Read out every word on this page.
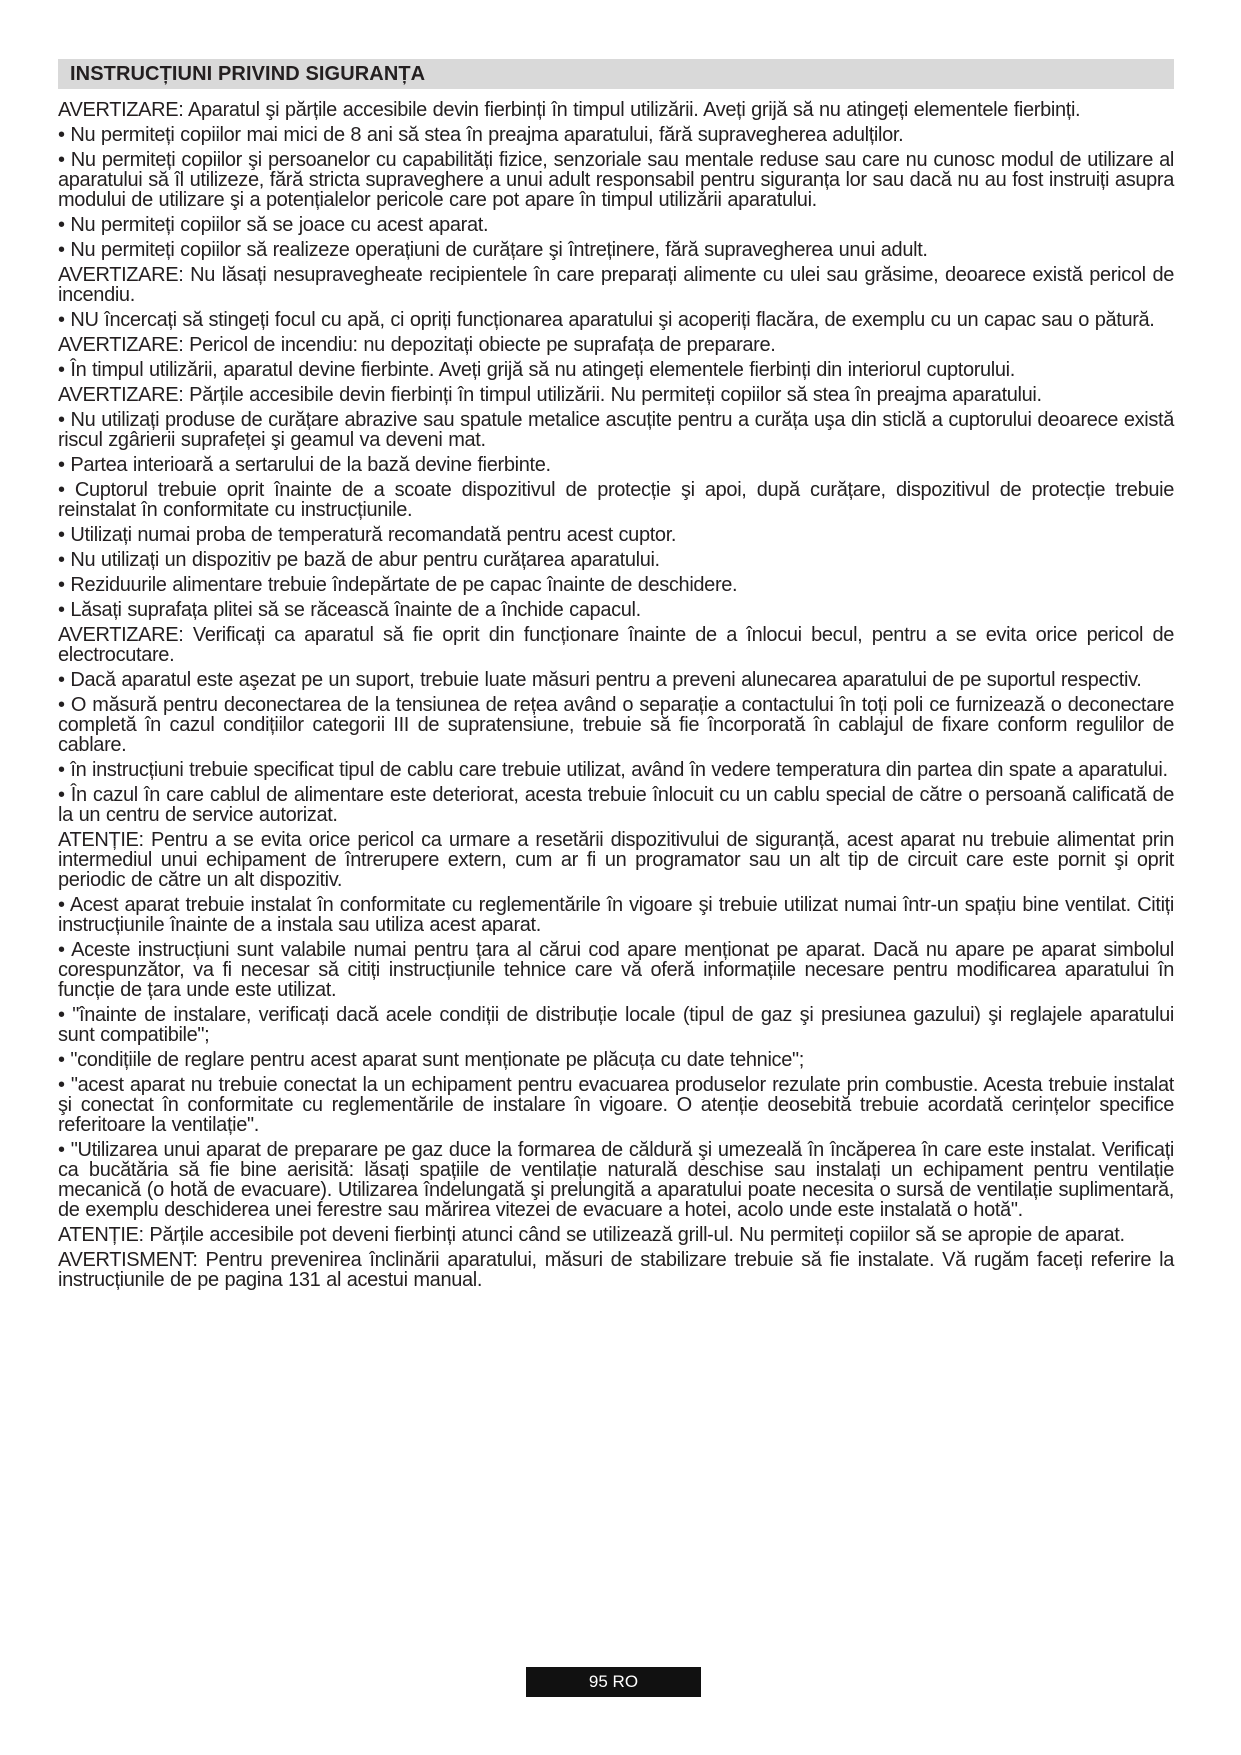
INSTRUCȚIUNI PRIVIND SIGURANȚA

AVERTIZARE: Aparatul şi părțile accesibile devin fierbinți în timpul utilizării. Aveți grijă să nu atingeți elementele fierbinți.

• Nu permiteți copiilor mai mici de 8 ani să stea în preajma aparatului, fără supravegherea adulților.

• Nu permiteți copiilor şi persoanelor cu capabilități fizice, senzoriale sau mentale reduse sau care nu cunosc modul de utilizare al aparatului să îl utilizeze, fără stricta supraveghere a unui adult responsabil pentru siguranța lor sau dacă nu au fost instruiți asupra modului de utilizare şi a potențialelor pericole care pot apare în timpul utilizării aparatului.

• Nu permiteți copiilor să se joace cu acest aparat.

• Nu permiteți copiilor să realizeze operațiuni de curățare şi întreținere, fără supravegherea unui adult.

AVERTIZARE: Nu lăsați nesupravegheate recipientele în care preparați alimente cu ulei sau grăsime, deoarece există pericol de incendiu.

• NU încercați să stingeți focul cu apă, ci opriți funcționarea aparatului şi acoperiți flacăra, de exemplu cu un capac sau o pătură.

AVERTIZARE: Pericol de incendiu: nu depozitați obiecte pe suprafața de preparare.

• În timpul utilizării, aparatul devine fierbinte. Aveți grijă să nu atingeți elementele fierbinți din interiorul cuptorului.

AVERTIZARE: Părțile accesibile devin fierbinți în timpul utilizării. Nu permiteți copiilor să stea în preajma aparatului.

• Nu utilizați produse de curățare abrazive sau spatule metalice ascuțite pentru a curăța uşa din sticlă a cuptorului deoarece există riscul zgârierii suprafeței şi geamul va deveni mat.

• Partea interioară a sertarului de la bază devine fierbinte.

• Cuptorul trebuie oprit înainte de a scoate dispozitivul de protecție şi apoi, după curățare, dispozitivul de protecție trebuie reinstalat în conformitate cu instrucțiunile.

• Utilizați numai proba de temperatură recomandată pentru acest cuptor.

• Nu utilizați un dispozitiv pe bază de abur pentru curățarea aparatului.

• Reziduurile alimentare trebuie îndepărtate de pe capac înainte de deschidere.

• Lăsați suprafața plitei să se răcească înainte de a închide capacul.

AVERTIZARE: Verificați ca aparatul să fie oprit din funcționare înainte de a înlocui becul, pentru a se evita orice pericol de electrocutare.

• Dacă aparatul este aşezat pe un suport, trebuie luate măsuri pentru a preveni alunecarea aparatului de pe suportul respectiv.

• O măsură pentru deconectarea de la tensiunea de rețea având o separație a contactului în toți poli ce furnizează o deconectare completă în cazul condițiilor categorii III de supratensiune, trebuie să fie încorporată în cablajul de fixare conform regulilor de cablare.

• în instrucțiuni trebuie specificat tipul de cablu care trebuie utilizat, având în vedere temperatura din partea din spate a aparatului.

• În cazul în care cablul de alimentare este deteriorat, acesta trebuie înlocuit cu un cablu special de către o persoană calificată de la un centru de service autorizat.

ATENȚIE: Pentru a se evita orice pericol ca urmare a resetării dispozitivului de siguranță, acest aparat nu trebuie alimentat prin intermediul unui echipament de întrerupere extern, cum ar fi un programator sau un alt tip de circuit care este pornit şi oprit periodic de către un alt dispozitiv.

• Acest aparat trebuie instalat în conformitate cu reglementările în vigoare şi trebuie utilizat numai într-un spațiu bine ventilat. Citiți instrucțiunile înainte de a instala sau utiliza acest aparat.

• Aceste instrucțiuni sunt valabile numai pentru țara al cărui cod apare menționat pe aparat. Dacă nu apare pe aparat simbolul corespunzător, va fi necesar să citiți instrucțiunile tehnice care vă oferă informațiile necesare pentru modificarea aparatului în funcție de țara unde este utilizat.

• "înainte de instalare, verificați dacă acele condiții de distribuție locale (tipul de gaz şi presiunea gazului) şi reglajele aparatului sunt compatibile";

• "condițiile de reglare pentru acest aparat sunt menționate pe plăcuța cu date tehnice";

• "acest aparat nu trebuie conectat la un echipament pentru evacuarea produselor rezulate prin combustie. Acesta trebuie instalat şi conectat în conformitate cu reglementările de instalare în vigoare. O atenție deosebită trebuie acordată cerințelor specifice referitoare la ventilație".

• "Utilizarea unui aparat de preparare pe gaz duce la formarea de căldură şi umezeală în încăperea în care este instalat. Verificați ca bucătăria să fie bine aerisită: lăsați spațiile de ventilație naturală deschise sau instalați un echipament pentru ventilație mecanică (o hotă de evacuare). Utilizarea îndelungată şi prelungită a aparatului poate necesita o sursă de ventilație suplimentară, de exemplu deschiderea unei ferestre sau mărirea vitezei de evacuare a hotei, acolo unde este instalată o hotă".

ATENȚIE: Părțile accesibile pot deveni fierbinți atunci când se utilizează grill-ul. Nu permiteți copiilor să se apropie de aparat.

AVERTISMENT: Pentru prevenirea înclinării aparatului, măsuri de stabilizare trebuie să fie instalate. Vă rugăm faceți referire la instrucțiunile de pe pagina 131 al acestui manual.

95 RO
